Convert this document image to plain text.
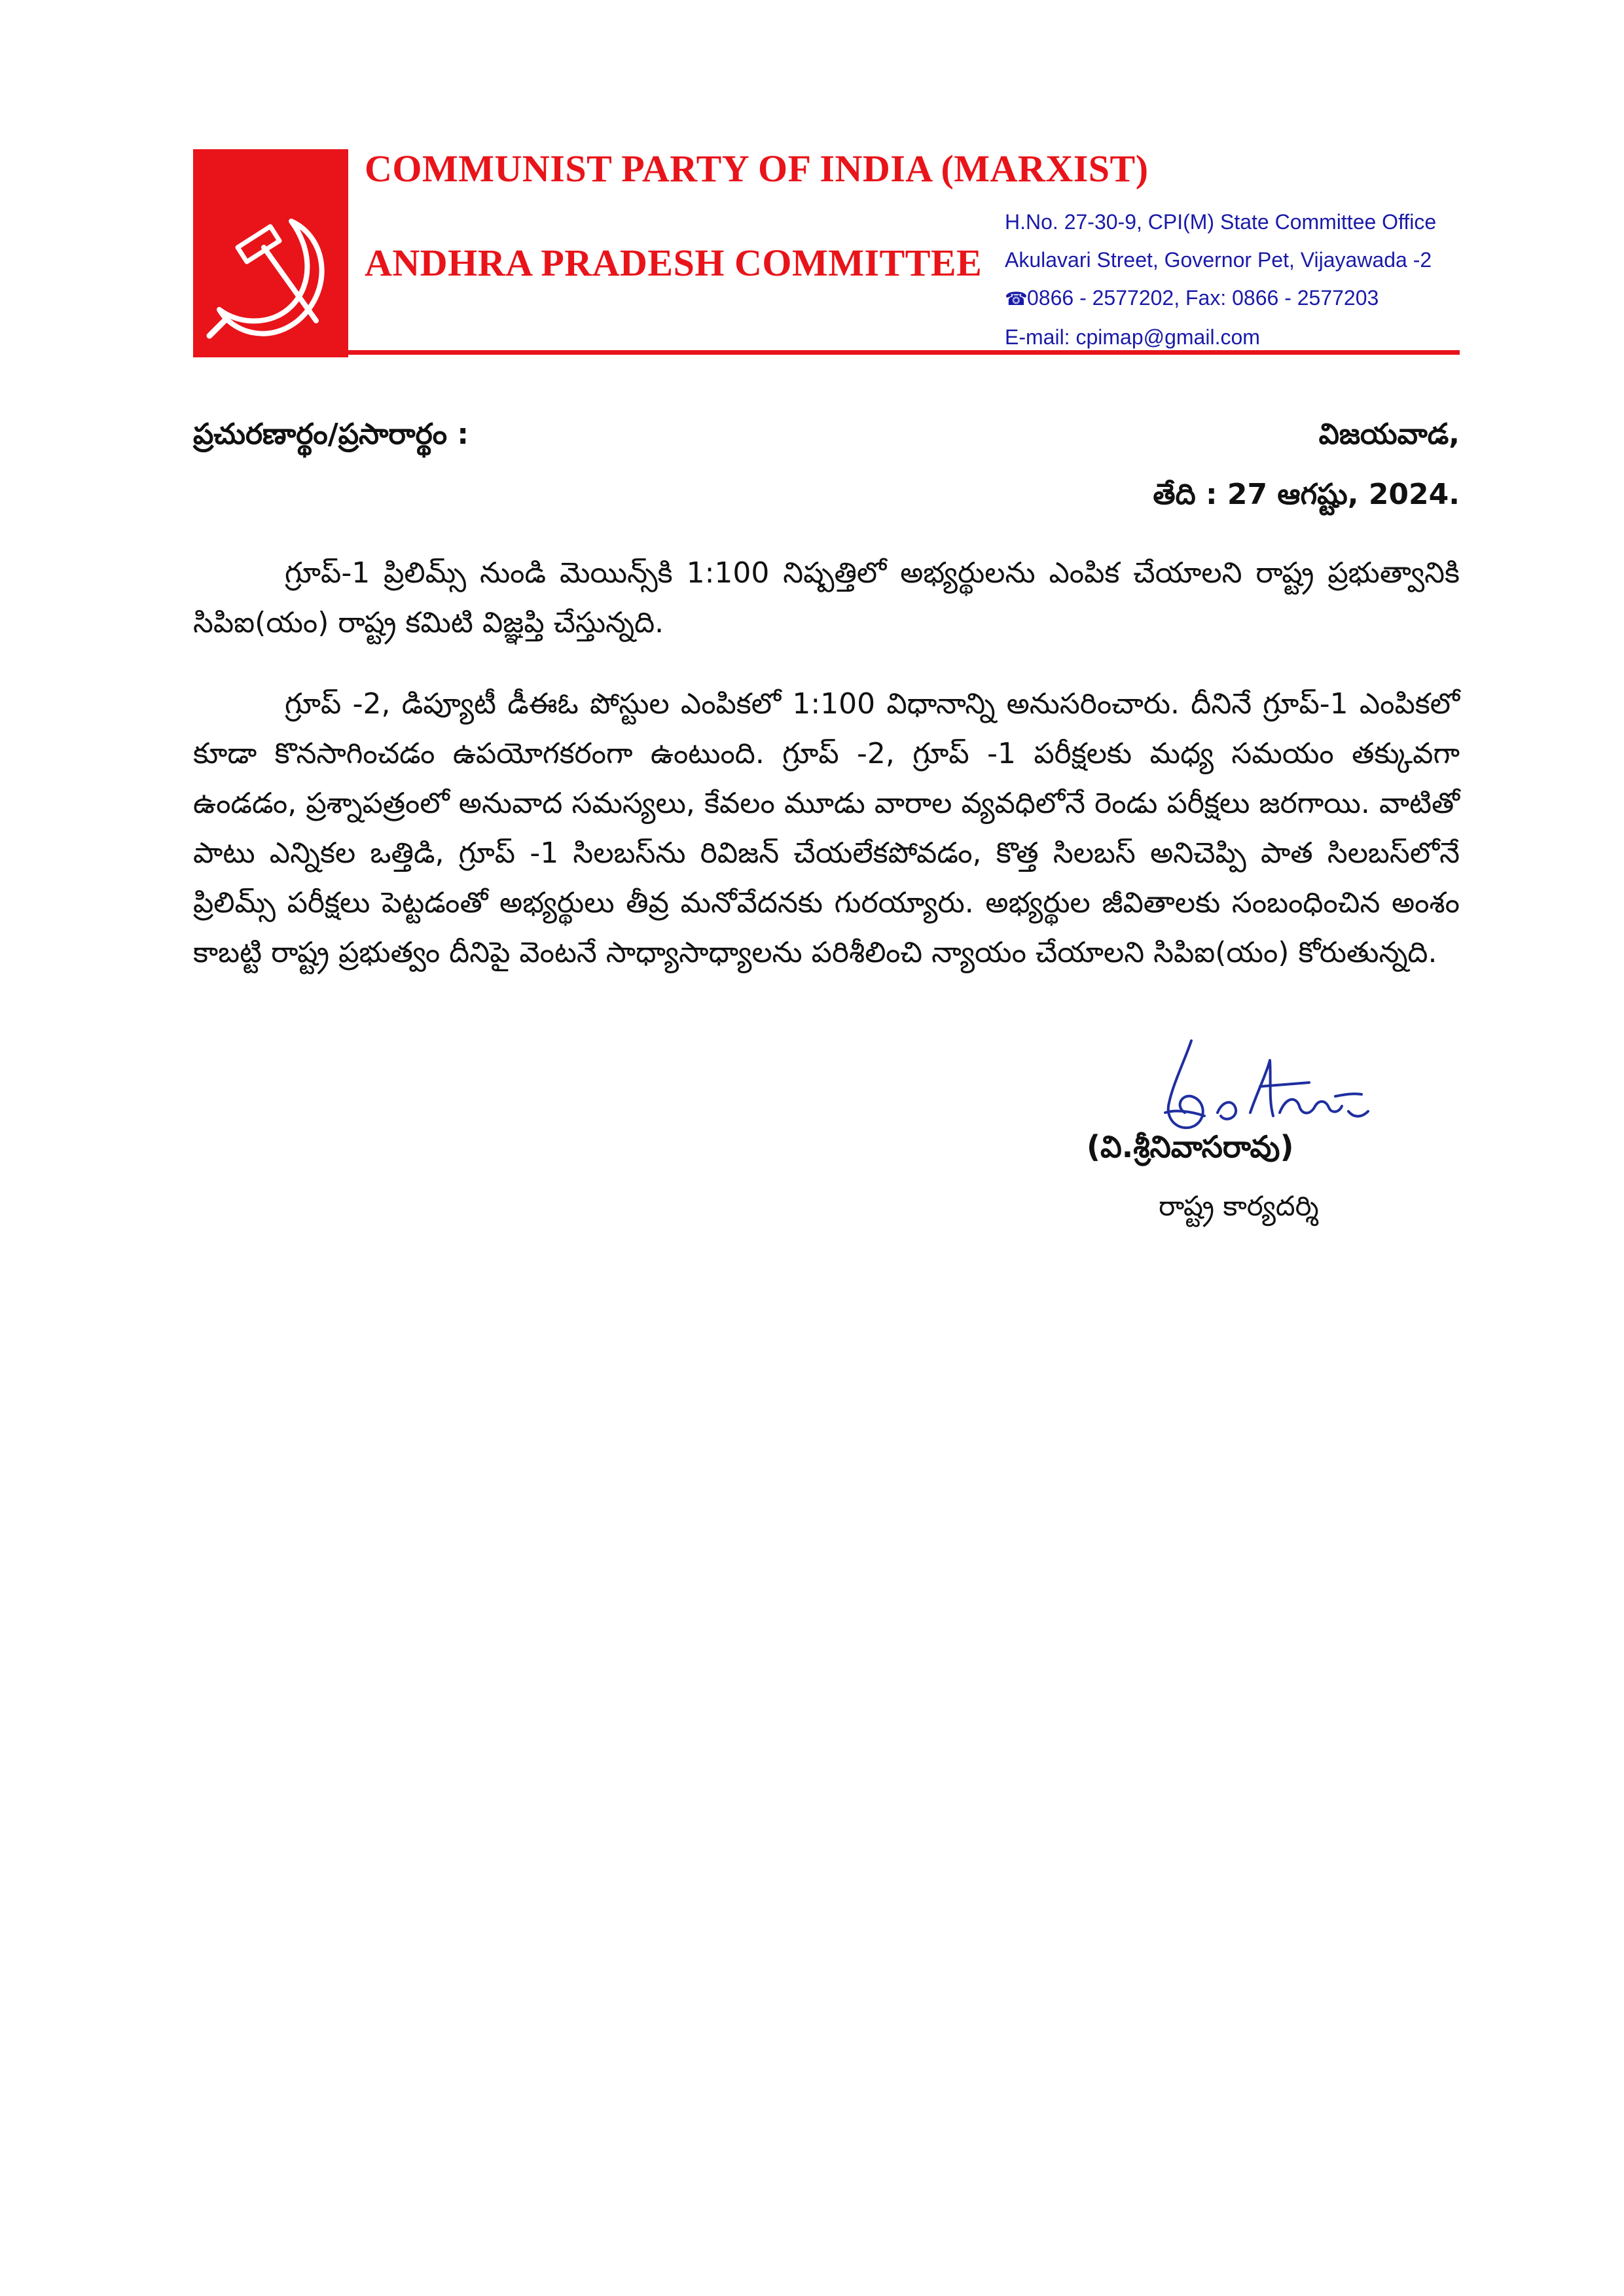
COMMUNIST PARTY OF INDIA (MARXIST)
ANDHRA PRADESH COMMITTEE
H.No. 27-30-9, CPI(M) State Committee Office
Akulavari Street, Governor Pet, Vijayawada -2
☎0866 - 2577202, Fax: 0866 - 2577203
E-mail: cpimap@gmail.com
ప్రచురణార్థం/ప్రసారార్థం :	విజయవాడ,
తేది : 27 ఆగష్టు, 2024.

గ్రూప్-1 ప్రిలిమ్స్ నుండి మెయిన్స్‌కి 1:100 నిష్పత్తిలో అభ్యర్థులను ఎంపిక చేయాలని రాష్ట్ర ప్రభుత్వానికి సిపిఐ(యం) రాష్ట్ర కమిటి విజ్ఞప్తి చేస్తున్నది.

గ్రూప్ -2, డిప్యూటీ డీఈఓ పోస్టుల ఎంపికలో 1:100 విధానాన్ని అనుసరించారు. దీనినే గ్రూప్-1 ఎంపికలో కూడా కొనసాగించడం ఉపయోగకరంగా ఉంటుంది. గ్రూప్ -2, గ్రూప్ -1 పరీక్షలకు మధ్య సమయం తక్కువగా ఉండడం, ప్రశ్నాపత్రంలో అనువాద సమస్యలు, కేవలం మూడు వారాల వ్యవధిలోనే రెండు పరీక్షలు జరగాయి. వాటితో పాటు ఎన్నికల ఒత్తిడి, గ్రూప్ -1 సిలబస్‌ను రివిజన్ చేయలేకపోవడం, కొత్త సిలబస్ అనిచెప్పి పాత సిలబస్‌లోనే ప్రిలిమ్స్ పరీక్షలు పెట్టడంతో అభ్యర్థులు తీవ్ర మనోవేదనకు గురయ్యారు. అభ్యర్థుల జీవితాలకు సంబంధించిన అంశం కాబట్టి రాష్ట్ర ప్రభుత్వం దీనిపై వెంటనే సాధ్యాసాధ్యాలను పరిశీలించి న్యాయం చేయాలని సిపిఐ(యం) కోరుతున్నది.

(వి.శ్రీనివాసరావు)
రాష్ట్ర కార్యదర్శి
